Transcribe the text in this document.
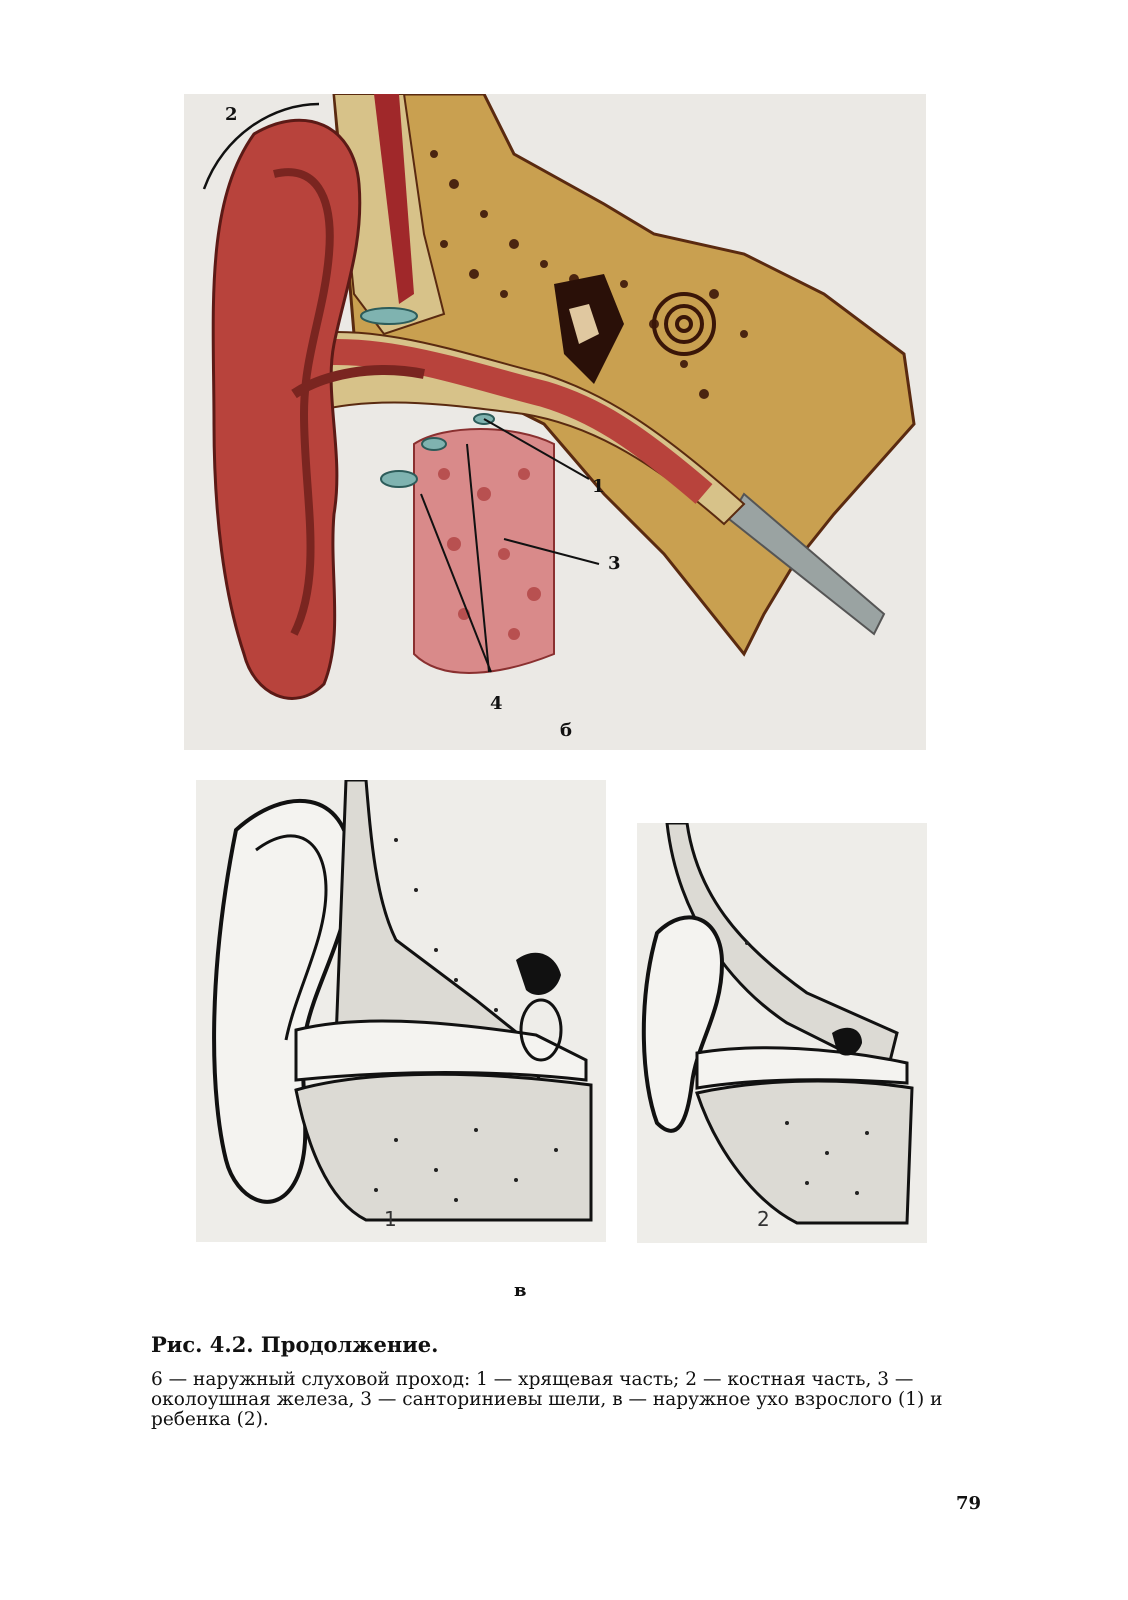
2
1
3
4
б
1	2
в
Рис. 4.2. Продолжение.
6 — наружный слуховой проход: 1 — хрящевая часть; 2 — костная часть, 3 — околоушная железа, 3 — санториниевы шели, в — наружное ухо взрослого (1) и ребенка (2).
79
